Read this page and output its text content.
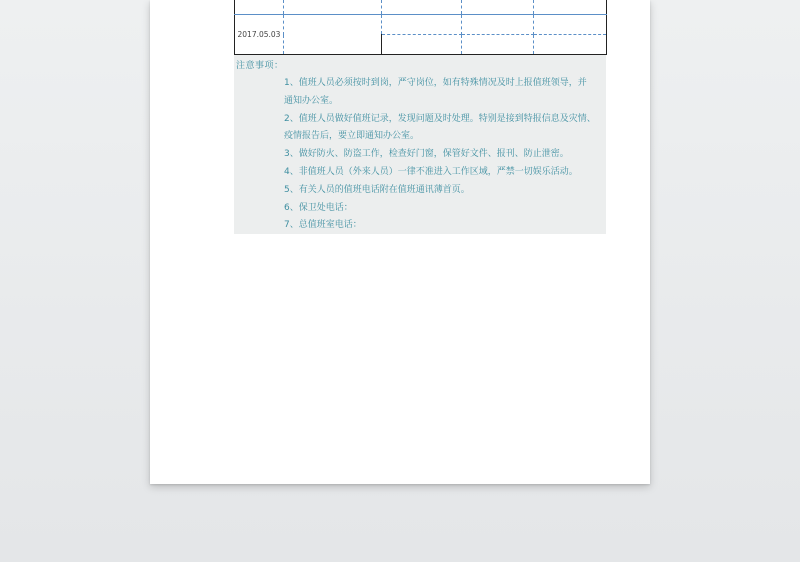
2017.05.03				

注意事项：
1、值班人员必须按时到岗，严守岗位，如有特殊情况及时上报值班领导，并
通知办公室。
2、值班人员做好值班记录，发现问题及时处理。特别是接到特报信息及灾情、
疫情报告后，要立即通知办公室。
3、做好防火、防盗工作，检查好门窗，保管好文件、报刊、防止泄密。
4、非值班人员（外来人员）一律不准进入工作区域，严禁一切娱乐活动。
5、有关人员的值班电话附在值班通讯薄首页。
6、保卫处电话：
7、总值班室电话：
